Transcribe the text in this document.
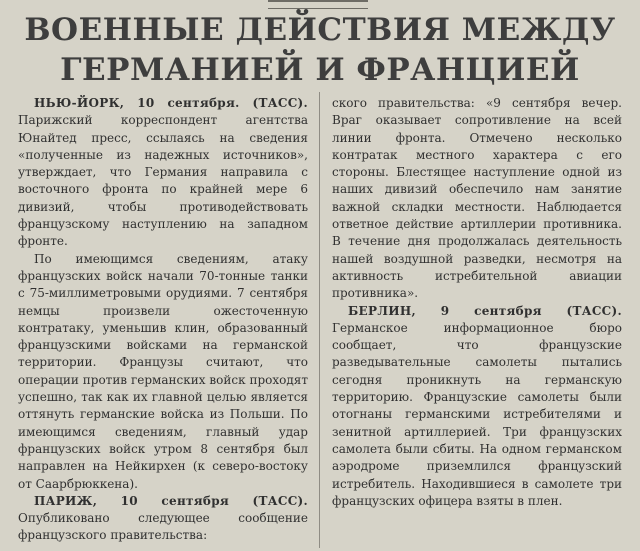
ВОЕННЫЕ ДЕЙСТВИЯ МЕЖДУ
ГЕРМАНИЕЙ И ФРАНЦИЕЙ

НЬЮ-ЙОРК, 10 сентября. (ТАСС). Парижский корреспондент агентства Юнайтед пресс, ссылаясь на сведения «полученные из надежных источников», утверждает, что Германия направила с восточного фронта по крайней мере 6 дивизий, чтобы противодействовать французскому наступлению на западном фронте.

По имеющимся сведениям, атаку французских войск начали 70-тонные танки с 75-миллиметровыми орудиями. 7 сентября немцы произвели ожесточенную контратаку, уменьшив клин, образованный французскими войсками на германской территории. Французы считают, что операции против германских войск проходят успешно, так как их главной целью является оттянуть германские войска из Польши. По имеющимся сведениям, главный удар французских войск утром 8 сентября был направлен на Нейкирхен (к северо-востоку от Саарбрюккена).

ПАРИЖ, 10 сентября (ТАСС). Опубликовано следующее сообщение французского правительства:

ского правительства: «9 сентября вечер. Враг оказывает сопротивление на всей линии фронта. Отмечено несколько контратак местного характера с его стороны. Блестящее наступление одной из наших дивизий обеспечило нам занятие важной складки местности. Наблюдается ответное действие артиллерии противника. В течение дня продолжалась деятельность нашей воздушной разведки, несмотря на активность истребительной авиации противника».

БЕРЛИН, 9 сентября (ТАСС). Германское информационное бюро сообщает, что французские разведывательные самолеты пытались сегодня проникнуть на германскую территорию. Французские самолеты были отогнаны германскими истребителями и зенитной артиллерией. Три французских самолета были сбиты. На одном германском аэродроме приземлился французский истребитель. Находившиеся в самолете три французских офицера взяты в плен.
